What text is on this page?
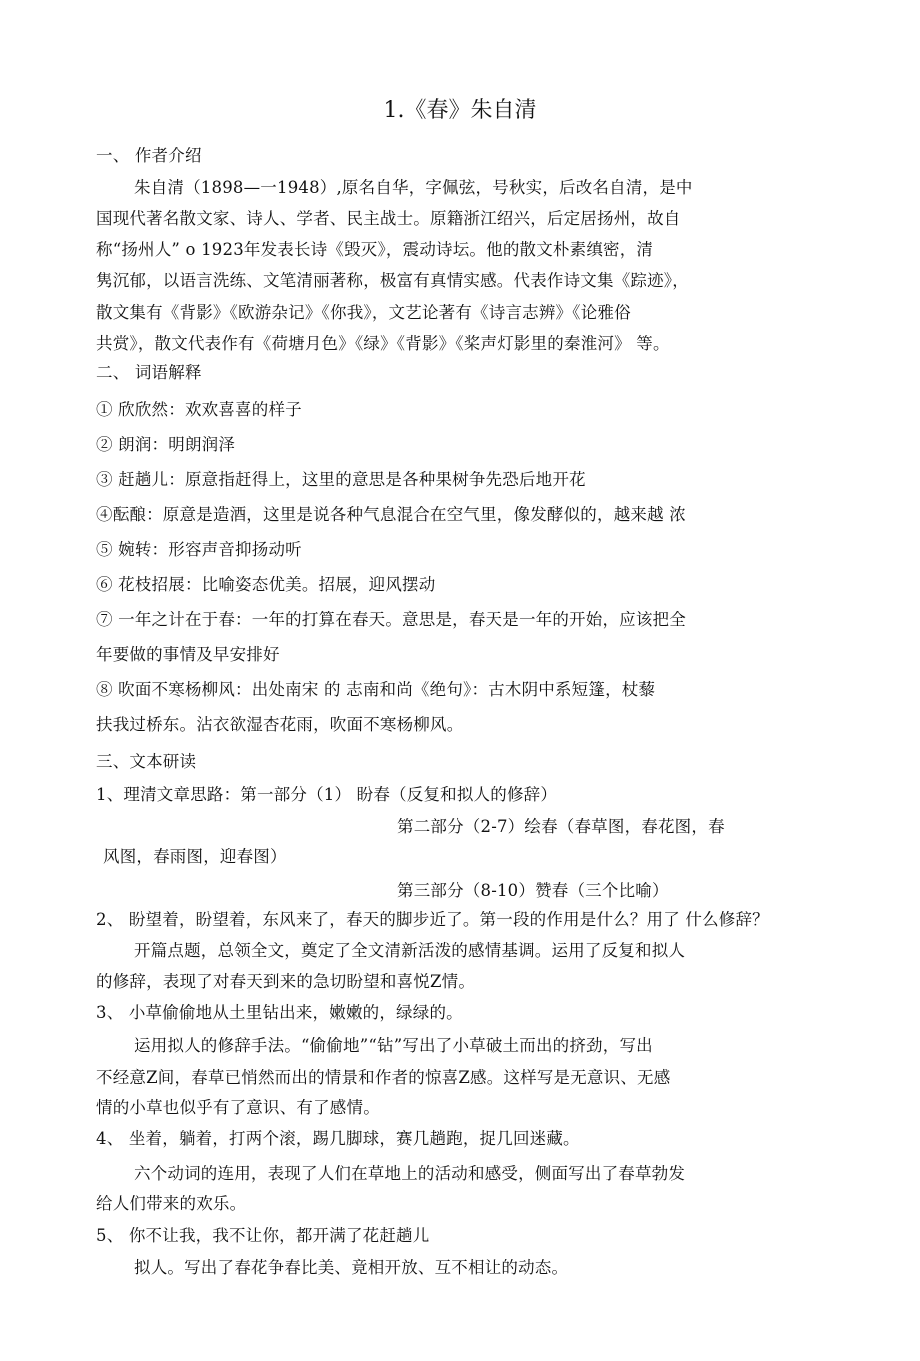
1.《春》朱自清
一、 作者介绍
朱自清（1898—一1948）,原名自华，字佩弦，号秋实，后改名自清，是中
国现代著名散文家、诗人、学者、民主战士。原籍浙江绍兴，后定居扬州，故自
称“扬州人” o 1923年发表长诗《毁灭》，震动诗坛。他的散文朴素缜密，清
隽沉郁，以语言洗练、文笔清丽著称，极富有真情实感。代表作诗文集《踪迹》，
散文集有《背影》《欧游杂记》《你我》，文艺论著有《诗言志辨》《论雅俗
共赏》，散文代表作有《荷塘月色》《绿》《背影》《桨声灯影里的秦淮河》 等。
二、 词语解释
① 欣欣然：欢欢喜喜的样子
② 朗润：明朗润泽
③ 赶趟儿：原意指赶得上，这里的意思是各种果树争先恐后地开花
④酝酿：原意是造酒，这里是说各种气息混合在空气里，像发酵似的，越来越 浓
⑤ 婉转：形容声音抑扬动听
⑥ 花枝招展：比喻姿态优美。招展，迎风摆动
⑦ 一年之计在于春：一年的打算在春天。意思是，春天是一年的开始，应该把全
年要做的事情及早安排好
⑧ 吹面不寒杨柳风：出处南宋 的 志南和尚《绝句》：古木阴中系短篷，杖藜
扶我过桥东。沾衣欲湿杏花雨，吹面不寒杨柳风。
三、文本研读
1、理清文章思路：第一部分（1） 盼春（反复和拟人的修辞）
第二部分（2-7）绘春（春草图，春花图，春
风图，春雨图，迎春图）
第三部分（8-10）赞春（三个比喻）
2、 盼望着，盼望着，东风来了，春天的脚步近了。第一段的作用是什么？用了 什么修辞？
开篇点题，总领全文，奠定了全文清新活泼的感情基调。运用了反复和拟人
的修辞，表现了对春天到来的急切盼望和喜悦Z情。
3、 小草偷偷地从土里钻出来，嫩嫩的，绿绿的。
运用拟人的修辞手法。“偷偷地”“钻”写出了小草破土而出的挤劲，写出
不经意Z间，春草已悄然而出的情景和作者的惊喜Z感。这样写是无意识、无感
情的小草也似乎有了意识、有了感情。
4、 坐着，躺着，打两个滚，踢几脚球，赛几趟跑，捉几回迷藏。
六个动词的连用，表现了人们在草地上的活动和感受，侧面写出了春草勃发
给人们带来的欢乐。
5、 你不让我，我不让你，都开满了花赶趟儿
拟人。写出了春花争春比美、竟相开放、互不相让的动态。
